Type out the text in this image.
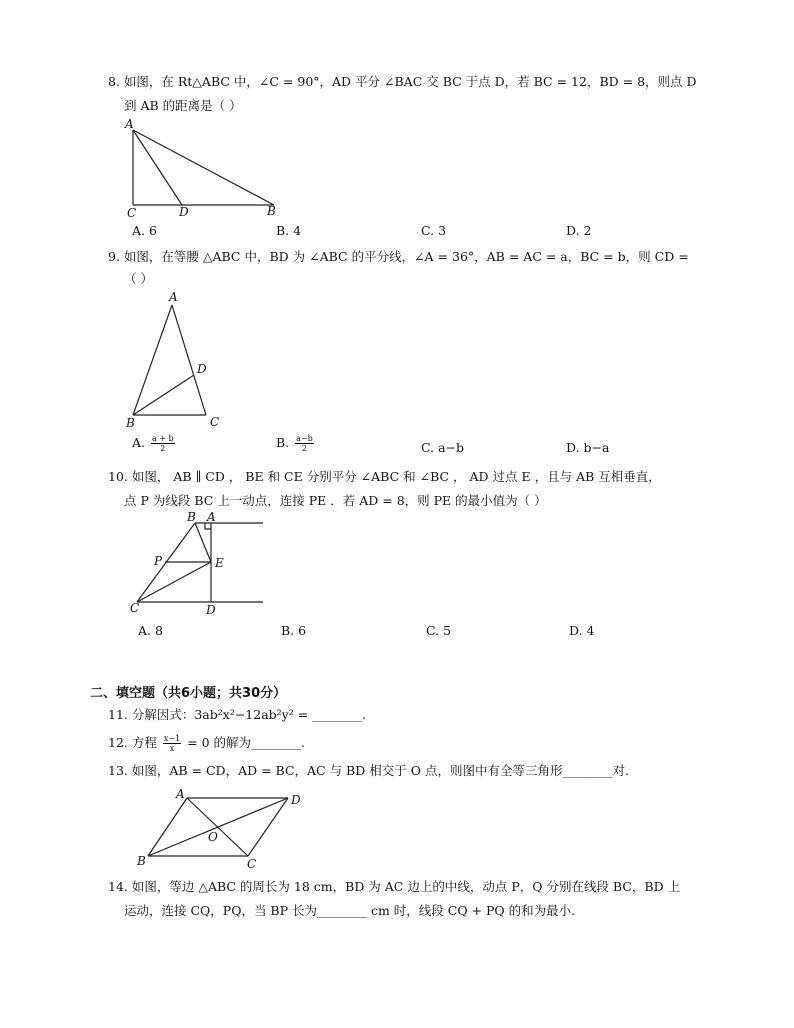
8. 如图，在 Rt△ABC 中，∠C = 90°，AD 平分 ∠BAC 交 BC 于点 D，若 BC = 12，BD = 8，则点 D
到 AB 的距离是（ ）
A
C	D	B
A. 6	B. 4	C. 3	D. 2
9. 如图，在等腰 △ABC 中，BD 为 ∠ABC 的平分线，∠A = 36°，AB = AC = a，BC = b，则 CD =
（ ）
A
D
B	C
A. $\frac{a + b}{2}$	B. $\frac{a-b}{2}$	C. a−b	D. b−a
10. 如图， AB ∥ CD ， BE 和 CE 分别平分 ∠ABC 和 ∠BC ， AD 过点 E ，且与 AB 互相垂直，
点 P 为线段 BC 上一动点，连接 PE ．若 AD = 8，则 PE 的最小值为（ ）
B A
P	E
C	D
A. 8	B. 6	C. 5	D. 4
二、填空题（共6小题；共30分）
11. 分解因式：3ab²x²−12ab²y² = ________.
12. 方程 $\frac{x-1}{x} = 0$ 的解为________.
13. 如图，AB = CD，AD = BC，AC 与 BD 相交于 O 点，则图中有全等三角形________对.
A	D
O
B	C
14. 如图，等边 △ABC 的周长为 18 cm，BD 为 AC 边上的中线，动点 P，Q 分别在线段 BC，BD 上
运动，连接 CQ，PQ，当 BP 长为________ cm 时，线段 CQ + PQ 的和为最小.
